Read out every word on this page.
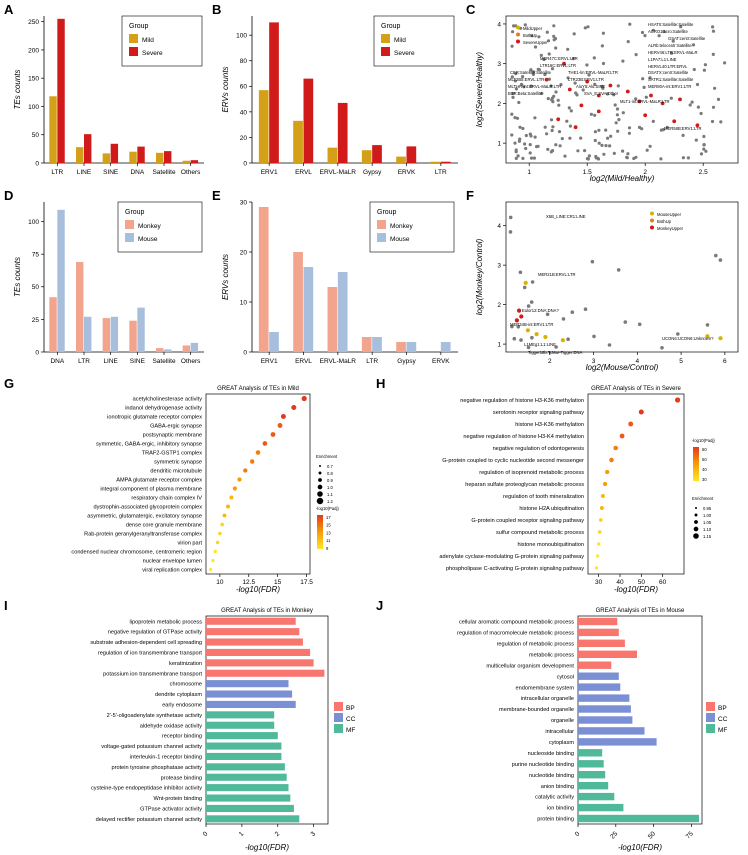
A	B	C
D	E	F
G	H
I	J
0
50
100
150
200
250
LTR LINE SINE DNA Satellite Others
TEs counts
Group
Mild
Severe
0
20
40
60
80
100
ERV1	ERVL ERVL-MaLR Gypsy	ERVK	LTR
ERVs counts
Group
Mild
Severe
1	1.5	2	2.5
1
2
3
4
log2(Mild/Healthy)
log2(Severe/Healthy)
HSATII:Satellite:Satellite
ACRO1:acro:Satellite
GSAT:centr:Satellite
ALRb:telocentr:Satellite
HERV46:LTR:ERVL-MaLR
L1PA7:L1:LINE
MER47C:ERVL:LTR
HERVL40:LTR:ERVL
LTR16C:ERVL:LTR
CER:Satellite:Satellite	THE1-lm:ERVL-MaLR:LTR	DSATX:centr:Satellite
MLT2B5:ERVL:LTR	LTR23B:ERV1:LTR	SATR1:Satellite:Satellite
MLTHR-int:ERVL-MaLR:LTR	AluY5:Alu:SINE	MER80A-int:ERV1:LTR
BSR:Beta:Satellite	SVA_E:SVA:Other
MLT1-int:ERVL-MaLR:LTR
MER58B:ERV1:LTR
MildUpper
BothUp
SevereUpper
0
25
50
75
100
DNA LTR LINE SINE Satellite Others
TEs counts
Group
Monkey
Mouse
0
10
20
30
ERV1	ERVL ERVL-MaLR LTR	Gypsy	ERVK
ERVs counts
Group
Monkey
Mouse
2	3	4	5	6
1
2
3
4
log2(Mouse/Control)
log2(Monkey/Control)
X5B_LINE:CR1:LINE
MER21B:ERVL:LTR
Eulor12:DNA:DNA?
MER34B-int:ERV1:LTR
L1MEg1:L1:LINE
UCON6:UCON6:Unknown?
Tigger18b:TcMar-Tigger:DNA
MouseUpper
BothUp
MonkeyUpper
GREAT Analysis of TEs in Mild
10	12.5	15	17.5
-log10(FDR)
acetylcholinesterase activity
indanol dehydrogenase activity
ionotropic glutamate receptor complex
GABA-ergic synapse
postsynaptic membrane
symmetric, GABA-ergic, inhibitory synapse
TRAF2-GSTP1 complex
symmetric synapse
dendritic microtubule
AMPA glutamate receptor complex
integral component of plasma membrane
respiratory chain complex IV
dystrophin-associated glycoprotein complex
asymmetric, glutamatergic, excitatory synapse
dense core granule membrane
Rab-protein geranylgeranyltransferase complex
virion part
condensed nuclear chromosome, centromeric region
nuclear envelope lumen
viral replication complex
Enrichment
0.7
0.8
0.9
1.0
1.1
1.2
-log10(Padj)
17
15
13
11
9
GREAT Analysis of TEs in Severe
30 40 50 60
-log10(FDR)
negative regulation of histone H3-K36 methylation
serotonin receptor signaling pathway
histone H3-K36 methylation
negative regulation of histone H3-K4 methylation
negative regulation of odontogenesis
G-protein coupled to cyclic nucleotide second messenger
regulation of isoprenoid metabolic process
heparan sulfate proteoglycan metabolic process
regulation of tooth mineralization
histone H2A ubiquitination
G-protein coupled receptor signaling pathway
sulfur compound metabolic process
histone monoubiquitination
adenylate cyclase-modulating G-protein signaling pathway
phospholipase C-activating G-protein signaling pathway
-log10(Padj)
60
50
40
30
Enrichment
0.95
1.00
1.05
1.10
1.15
GREAT Analysis of TEs in Monkey
lipoprotein metabolic process
negative regulation of GTPase activity
substrate adhesion-dependent cell spreading
regulation of ion transmembrane transport
keratinization
potassium ion transmembrane transport
chromosome
dendrite cytoplasm
early endosome
2'-5'-oligoadenylate synthetase activity
aldehyde oxidase activity
receptor binding
voltage-gated potassium channel activity
interleukin-1 receptor binding
protein tyrosine phosphatase activity
protease binding
cysteine-type endopeptidase inhibitor activity
Wnt-protein binding
GTPase activator activity
delayed rectifier potassium channel activity
0	1	2	3
-log10(FDR)
BP
CC
MF
GREAT Analysis of TEs in Mouse
cellular aromatic compound metabolic process
regulation of macromolecule metabolic process
regulation of metabolic process
metabolic process
multicellular organism development
cytosol
endomembrane system
intracellular organelle
membrane-bounded organelle
organelle
intracellular
cytoplasm
nucleoside binding
purine nucleotide binding
nucleotide binding
anion binding
catalytic activity
ion binding
protein binding
0	25	50	75
-log10(FDR)
BP
CC
MF
